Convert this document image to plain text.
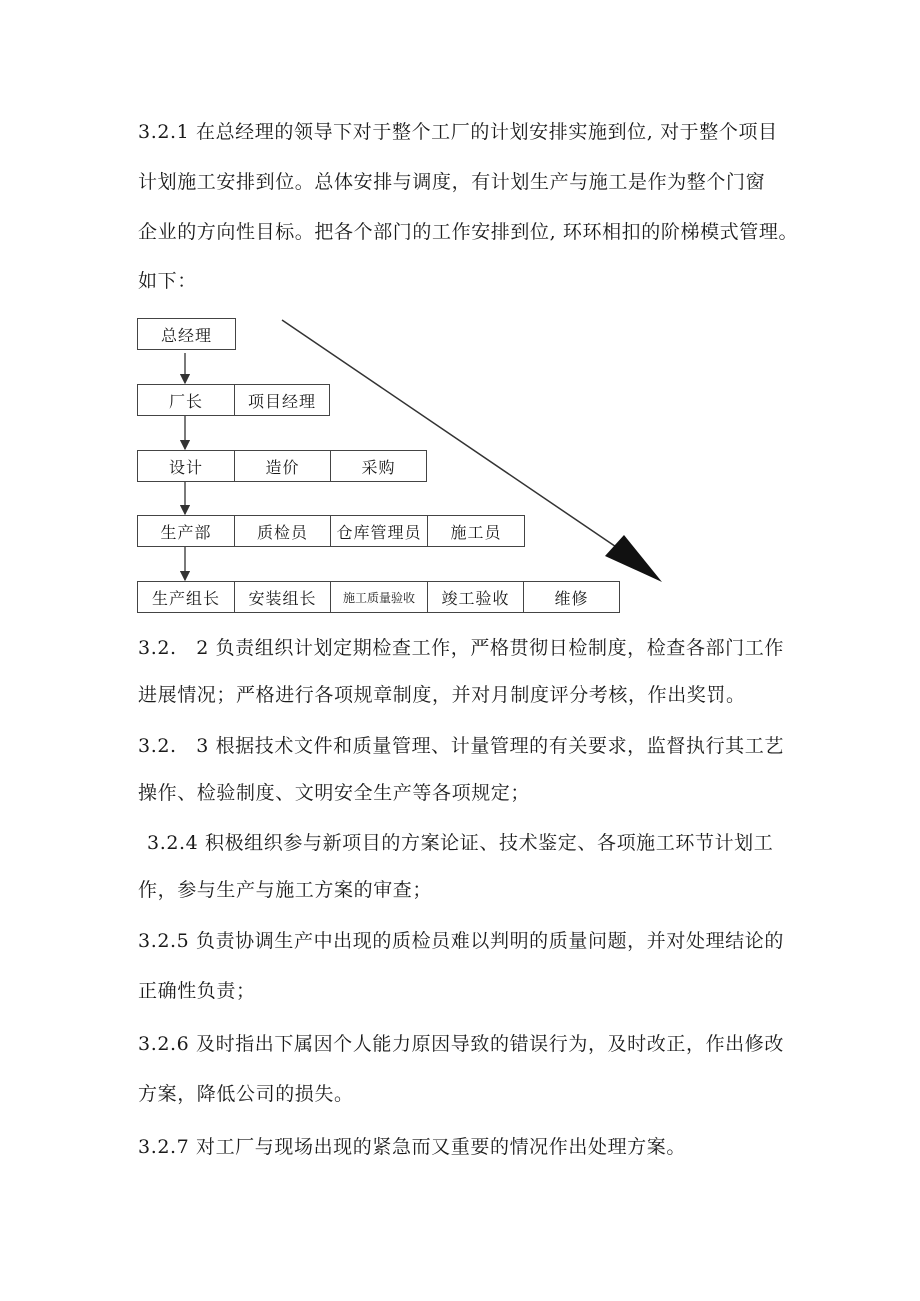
3.2.1 在总经理的领导下对于整个工厂的计划安排实施到位, 对于整个项目
计划施工安排到位。总体安排与调度，有计划生产与施工是作为整个门窗
企业的方向性目标。把各个部门的工作安排到位, 环环相扣的阶梯模式管理。
如下：
总经理
厂长	项目经理
设计	造价	采购
生产部	质检员	仓库管理员	施工员
生产组长	安装组长	施工质量验收	竣工验收	维修
3.2.　2 负责组织计划定期检查工作，严格贯彻日检制度，检查各部门工作
进展情况；严格进行各项规章制度，并对月制度评分考核，作出奖罚。
3.2.　3 根据技术文件和质量管理、计量管理的有关要求，监督执行其工艺
操作、检验制度、文明安全生产等各项规定；
3.2.4 积极组织参与新项目的方案论证、技术鉴定、各项施工环节计划工
作，参与生产与施工方案的审查；
3.2.5 负责协调生产中出现的质检员难以判明的质量问题，并对处理结论的
正确性负责；
3.2.6 及时指出下属因个人能力原因导致的错误行为，及时改正，作出修改
方案，降低公司的损失。
3.2.7 对工厂与现场出现的紧急而又重要的情况作出处理方案。
